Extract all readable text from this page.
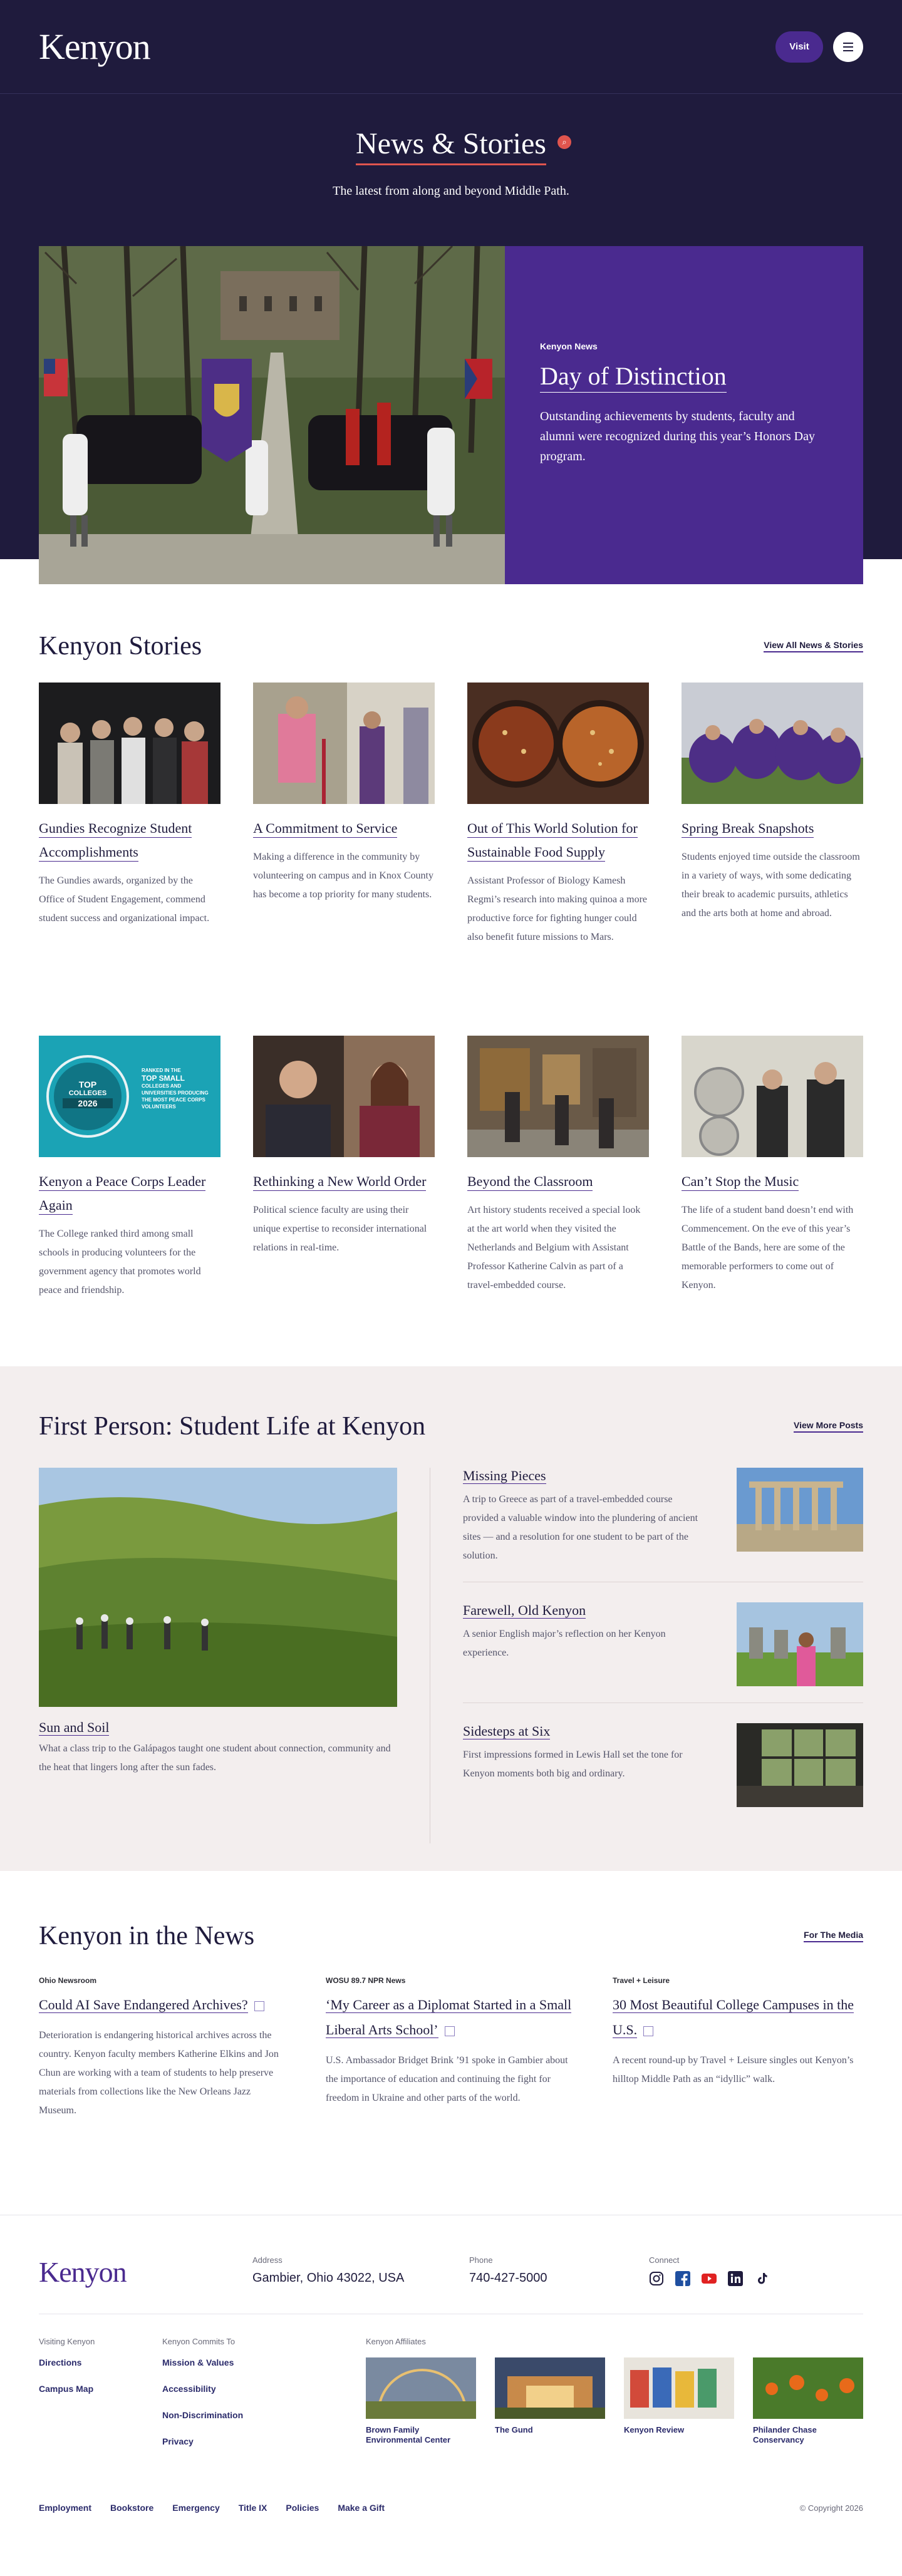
Kenyon	Visit
News & Stories	⌕

The latest from along and beyond Middle Path.

Kenyon News
Day of Distinction

Outstanding achievements by students, faculty and alumni were recognized during this year’s Honors Day program.

Kenyon Stories	View All News & Stories
Gundies Recognize Student Accomplishments

The Gundies awards, organized by the Office of Student Engagement, commend student success and organizational impact.

A Commitment to Service

Making a difference in the community by volunteering on campus and in Knox County has become a top priority for many students.

Out of This World Solution for Sustainable Food Supply

Assistant Professor of Biology Kamesh Regmi’s research into making quinoa a more productive force for fighting hunger could also benefit future missions to Mars.

Spring Break Snapshots

Students enjoyed time outside the classroom in a variety of ways, with some dedicating their break to academic pursuits, athletics and the arts both at home and abroad.

TOP
COLLEGES
2026
RANKED IN THE
TOP SMALL
COLLEGES AND UNIVERSITIES PRODUCING THE MOST PEACE CORPS VOLUNTEERS
Kenyon a Peace Corps Leader Again

The College ranked third among small schools in producing volunteers for the government agency that promotes world peace and friendship.

Rethinking a New World Order

Political science faculty are using their unique expertise to reconsider international relations in real-time.

Beyond the Classroom

Art history students received a special look at the art world when they visited the Netherlands and Belgium with Assistant Professor Katherine Calvin as part of a travel-embedded course.

Can’t Stop the Music

The life of a student band doesn’t end with Commencement. On the eve of this year’s Battle of the Bands, here are some of the memorable performers to come out of Kenyon.

First Person: Student Life at Kenyon	View More Posts
Sun and Soil

What a class trip to the Galápagos taught one student about connection, community and the heat that lingers long after the sun fades.

Missing Pieces

A trip to Greece as part of a travel-embedded course provided a valuable window into the plundering of ancient sites — and a resolution for one student to be part of the solution.

Farewell, Old Kenyon

A senior English major’s reflection on her Kenyon experience.

Sidesteps at Six

First impressions formed in Lewis Hall set the tone for Kenyon moments both big and ordinary.

Kenyon in the News	For The Media
Ohio Newsroom
Could AI Save Endangered Archives?

Deterioration is endangering historical archives across the country. Kenyon faculty members Katherine Elkins and Jon Chun are working with a team of students to help preserve materials from collections like the New Orleans Jazz Museum.

WOSU 89.7 NPR News
‘My Career as a Diplomat Started in a Small Liberal Arts School’

U.S. Ambassador Bridget Brink ’91 spoke in Gambier about the importance of education and continuing the fight for freedom in Ukraine and other parts of the world.

Travel + Leisure
30 Most Beautiful College Campuses in the U.S.

A recent round-up by Travel + Leisure singles out Kenyon’s hilltop Middle Path as an “idyllic” walk.

Kenyon	Address
Gambier, Ohio 43022, USA
Phone
740-427-5000
Connect
Visiting Kenyon
Directions
Campus Map
Kenyon Commits To
Mission & Values
Accessibility
Non-Discrimination
Privacy
Kenyon Affiliates
Brown Family Environmental Center
The Gund	Kenyon Review	Philander Chase Conservancy
Employment Bookstore Emergency Title IX Policies Make a Gift	© Copyright 2026
